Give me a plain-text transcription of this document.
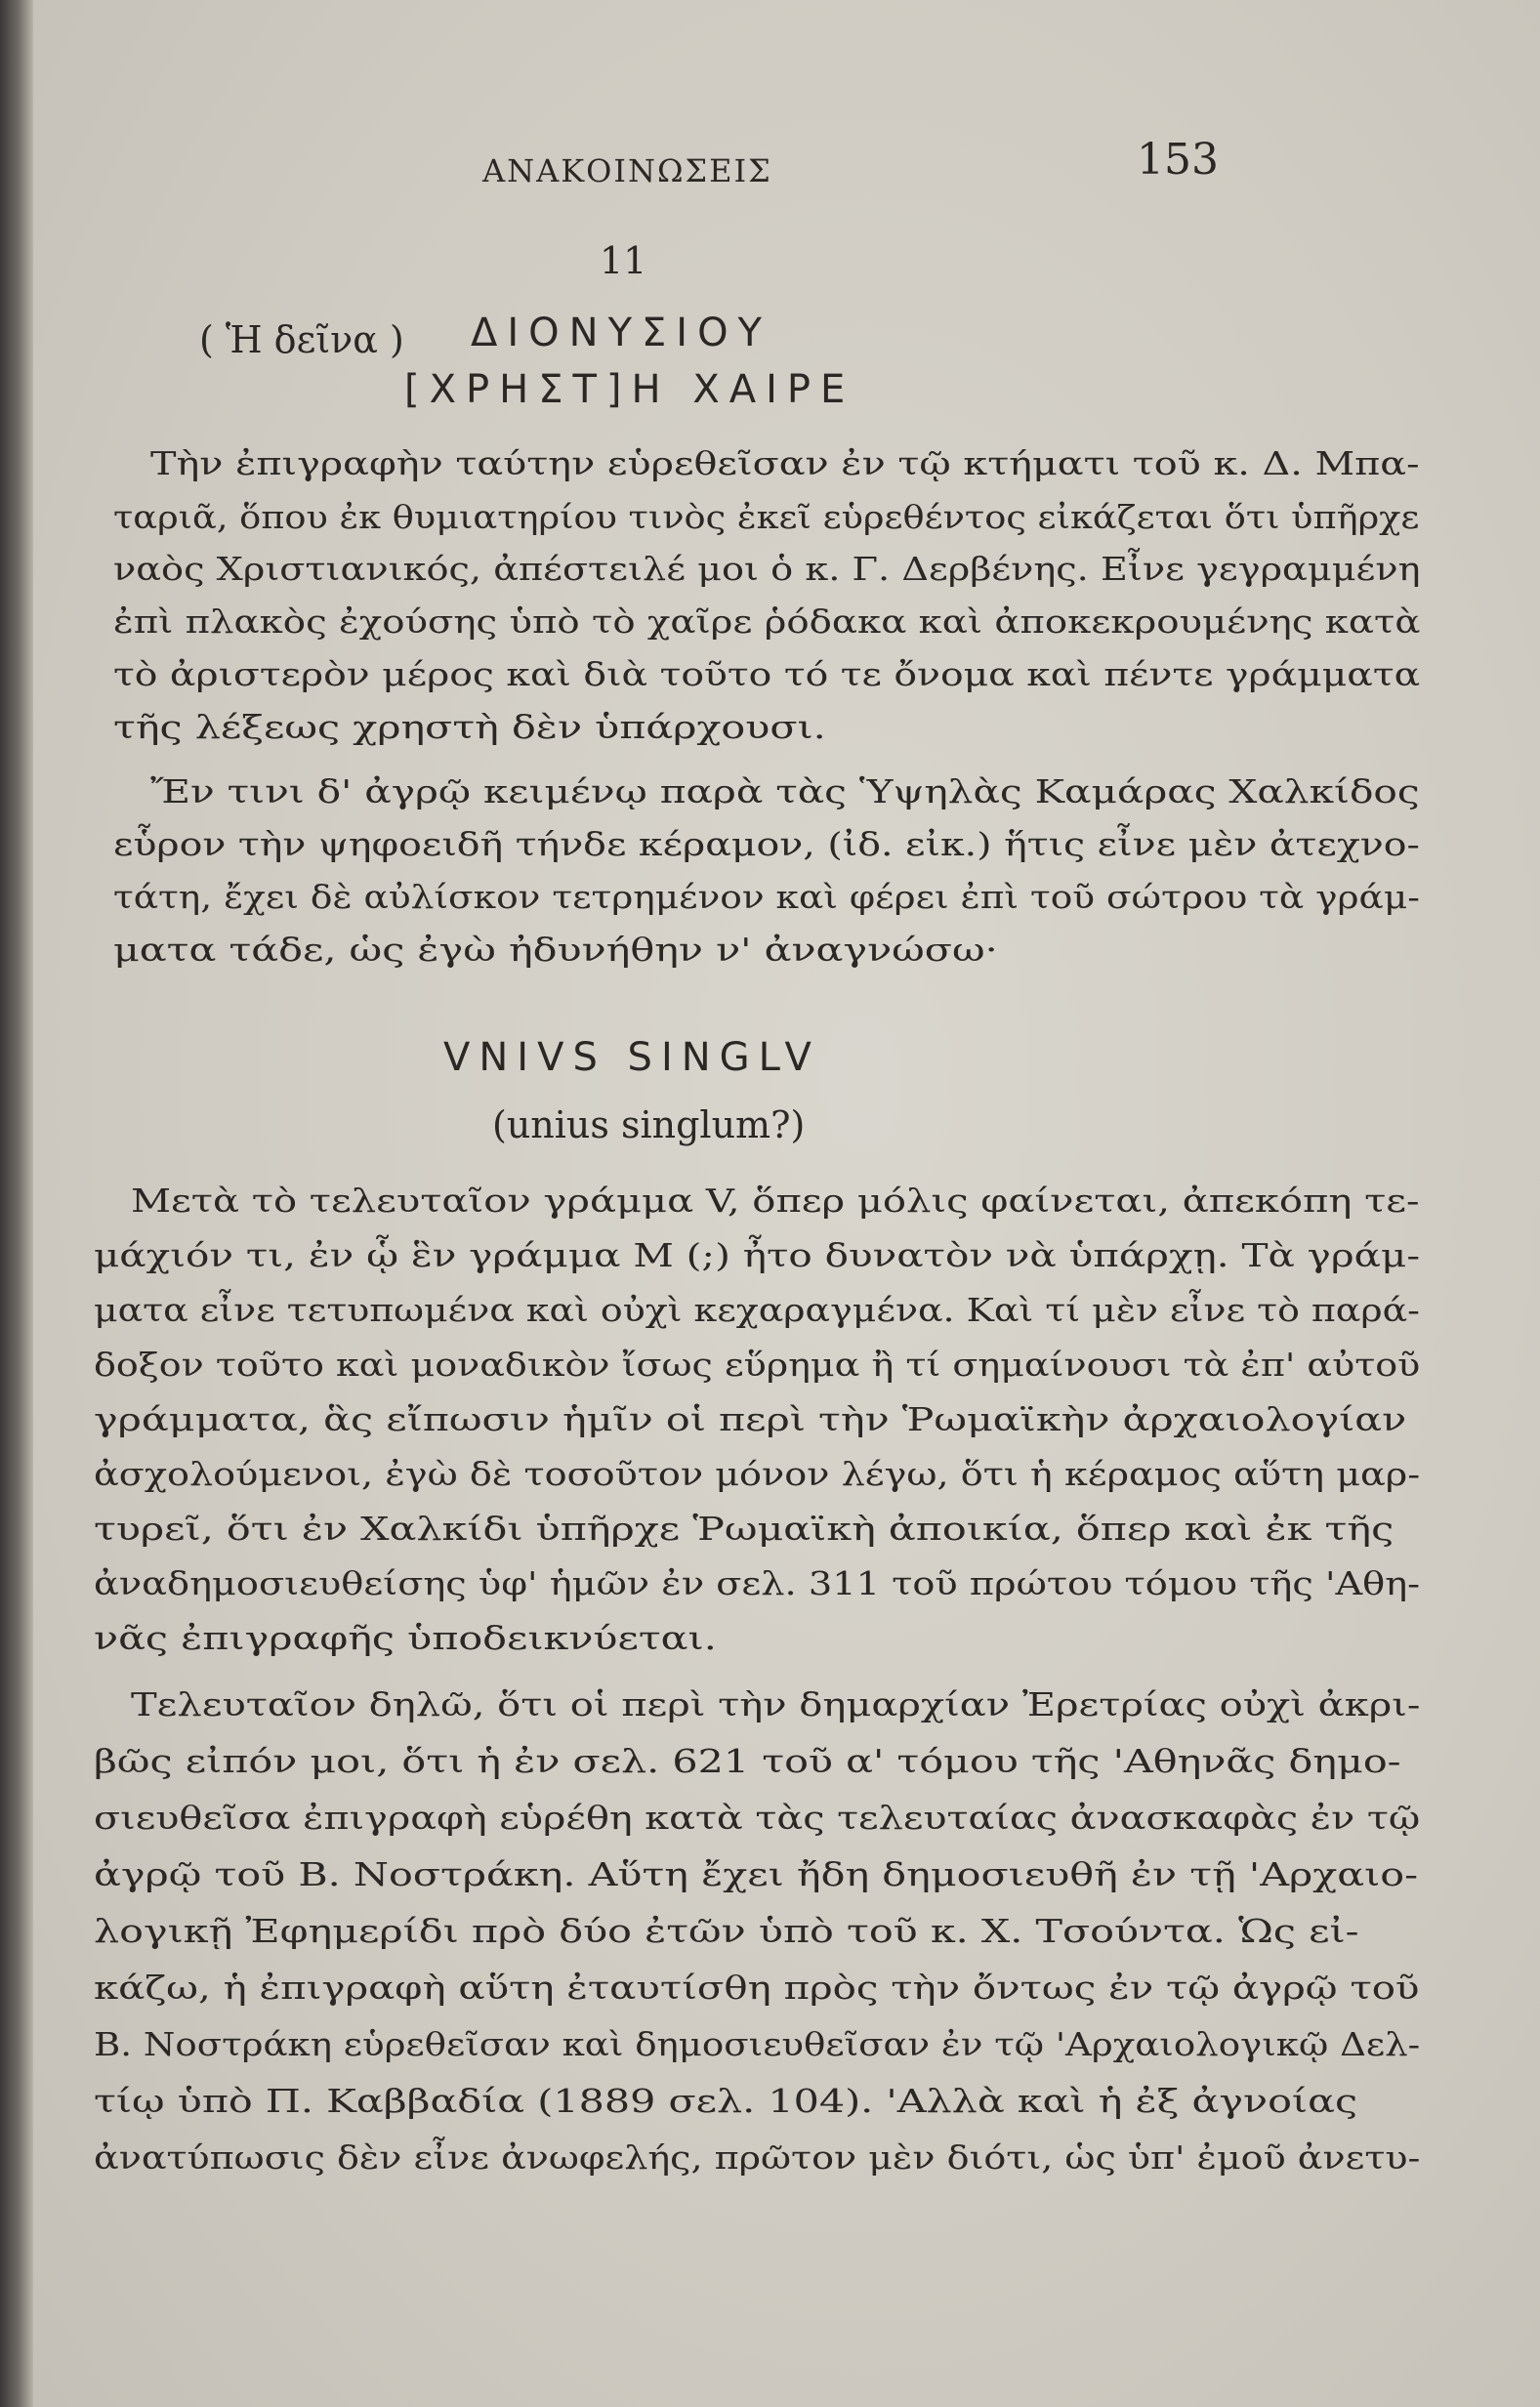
ΑΝΑΚΟΙΝΩΣΕΙΣ	153
11
( Ἡ δεῖνα ) ΔΙΟΝΥΣΙΟΥ
[ΧΡΗΣΤ]Η ΧΑΙΡΕ
Τὴν ἐπιγραφὴν ταύτην εὑρεθεῖσαν ἐν τῷ κτήματι τοῦ κ. Δ. Μπα-
ταριᾶ, ὅπου ἐκ θυμιατηρίου τινὸς ἐκεῖ εὑρεθέντος εἰκάζεται ὅτι ὑπῆρχε
ναὸς Χριστιανικός, ἀπέστειλέ μοι ὁ κ. Γ. Δερβένης. Εἶνε γεγραμμένη
ἐπὶ πλακὸς ἐχούσης ὑπὸ τὸ χαῖρε ῥόδακα καὶ ἀποκεκρουμένης κατὰ
τὸ ἀριστερὸν μέρος καὶ διὰ τοῦτο τό τε ὄνομα καὶ πέντε γράμματα
τῆς λέξεως χρηστὴ δὲν ὑπάρχουσι.
Ἔν τινι δ' ἀγρῷ κειμένῳ παρὰ τὰς Ὑψηλὰς Καμάρας Χαλκίδος
εὗρον τὴν ψηφοειδῆ τήνδε κέραμον, (ἰδ. εἰκ.) ἥτις εἶνε μὲν ἀτεχνο-
τάτη, ἔχει δὲ αὐλίσκον τετρημένον καὶ φέρει ἐπὶ τοῦ σώτρου τὰ γράμ-
ματα τάδε, ὡς ἐγὼ ἠδυνήθην ν' ἀναγνώσω·
VNIVS SINGLV
(unius singlum?)
Μετὰ τὸ τελευταῖον γράμμα V, ὅπερ μόλις φαίνεται, ἀπεκόπη τε-
μάχιόν τι, ἐν ᾧ ἓν γράμμα M (;) ἦτο δυνατὸν νὰ ὑπάρχῃ. Τὰ γράμ-
ματα εἶνε τετυπωμένα καὶ οὐχὶ κεχαραγμένα. Καὶ τί μὲν εἶνε τὸ παρά-
δοξον τοῦτο καὶ μοναδικὸν ἴσως εὕρημα ἢ τί σημαίνουσι τὰ ἐπ' αὐτοῦ
γράμματα, ἃς εἴπωσιν ἡμῖν οἱ περὶ τὴν Ῥωμαϊκὴν ἀρχαιολογίαν
ἀσχολούμενοι, ἐγὼ δὲ τοσοῦτον μόνον λέγω, ὅτι ἡ κέραμος αὕτη μαρ-
τυρεῖ, ὅτι ἐν Χαλκίδι ὑπῆρχε Ῥωμαϊκὴ ἀποικία, ὅπερ καὶ ἐκ τῆς
ἀναδημοσιευθείσης ὑφ' ἡμῶν ἐν σελ. 311 τοῦ πρώτου τόμου τῆς 'Αθη-
νᾶς ἐπιγραφῆς ὑποδεικνύεται.
Τελευταῖον δηλῶ, ὅτι οἱ περὶ τὴν δημαρχίαν Ἐρετρίας οὐχὶ ἀκρι-
βῶς εἰπόν μοι, ὅτι ἡ ἐν σελ. 621 τοῦ α' τόμου τῆς 'Αθηνᾶς δημο-
σιευθεῖσα ἐπιγραφὴ εὑρέθη κατὰ τὰς τελευταίας ἀνασκαφὰς ἐν τῷ
ἀγρῷ τοῦ Β. Νοστράκη. Αὕτη ἔχει ἤδη δημοσιευθῆ ἐν τῇ 'Αρχαιο-
λογικῇ Ἐφημερίδι πρὸ δύο ἐτῶν ὑπὸ τοῦ κ. Χ. Τσούντα. Ὡς εἰ-
κάζω, ἡ ἐπιγραφὴ αὕτη ἐταυτίσθη πρὸς τὴν ὄντως ἐν τῷ ἀγρῷ τοῦ
Β. Νοστράκη εὑρεθεῖσαν καὶ δημοσιευθεῖσαν ἐν τῷ 'Αρχαιολογικῷ Δελ-
τίῳ ὑπὸ Π. Καββαδία (1889 σελ. 104). 'Αλλὰ καὶ ἡ ἐξ ἀγνοίας
ἀνατύπωσις δὲν εἶνε ἀνωφελής, πρῶτον μὲν διότι, ὡς ὑπ' ἐμοῦ ἀνετυ-
